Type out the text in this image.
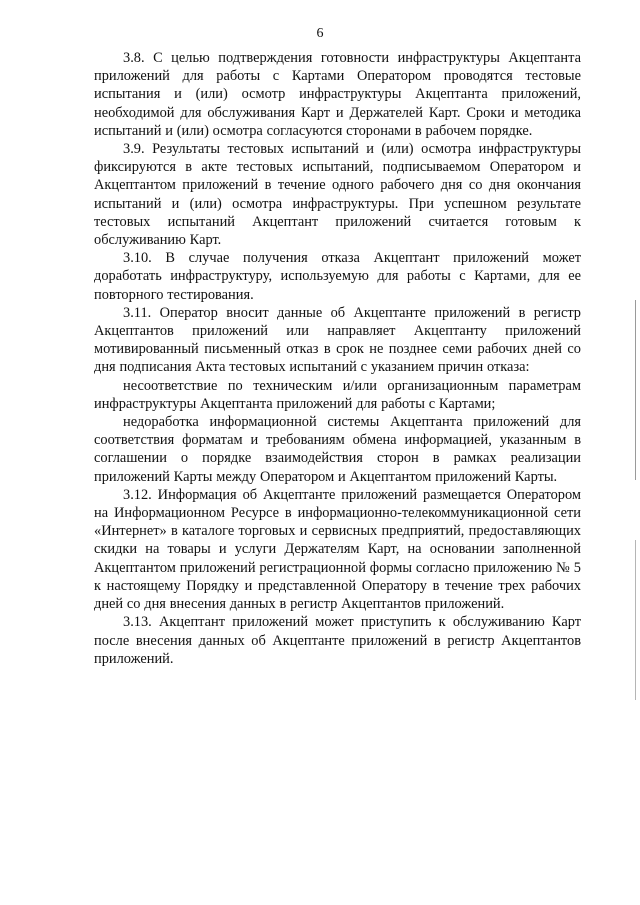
6

3.8. С целью подтверждения готовности инфраструктуры Акцептанта приложений для работы с Картами Оператором проводятся тестовые испытания и (или) осмотр инфраструктуры Акцептанта приложений, необходимой для обслуживания Карт и Держателей Карт. Сроки и методика испытаний и (или) осмотра согласуются сторонами в рабочем порядке.

3.9. Результаты тестовых испытаний и (или) осмотра инфраструктуры фиксируются в акте тестовых испытаний, подписываемом Оператором и Акцептантом приложений в течение одного рабочего дня со дня окончания испытаний и (или) осмотра инфраструктуры. При успешном результате тестовых испытаний Акцептант приложений считается готовым к обслуживанию Карт.

3.10. В случае получения отказа Акцептант приложений может доработать инфраструктуру, используемую для работы с Картами, для ее повторного тестирования.

3.11. Оператор вносит данные об Акцептанте приложений в регистр Акцептантов приложений или направляет Акцептанту приложений мотивированный письменный отказ в срок не позднее семи рабочих дней со дня подписания Акта тестовых испытаний с указанием причин отказа:

несоответствие по техническим и/или организационным параметрам инфраструктуры Акцептанта приложений для работы с Картами;

недоработка информационной системы Акцептанта приложений для соответствия форматам и требованиям обмена информацией, указанным в соглашении о порядке взаимодействия сторон в рамках реализации приложений Карты между Оператором и Акцептантом приложений Карты.

3.12. Информация об Акцептанте приложений размещается Оператором на Информационном Ресурсе в информационно-телекоммуникационной сети «Интернет» в каталоге торговых и сервисных предприятий, предоставляющих скидки на товары и услуги Держателям Карт, на основании заполненной Акцептантом приложений регистрационной формы согласно приложению № 5 к настоящему Порядку и представленной Оператору в течение трех рабочих дней со дня внесения данных в регистр Акцептантов приложений.

3.13. Акцептант приложений может приступить к обслуживанию Карт после внесения данных об Акцептанте приложений в регистр Акцептантов приложений.
